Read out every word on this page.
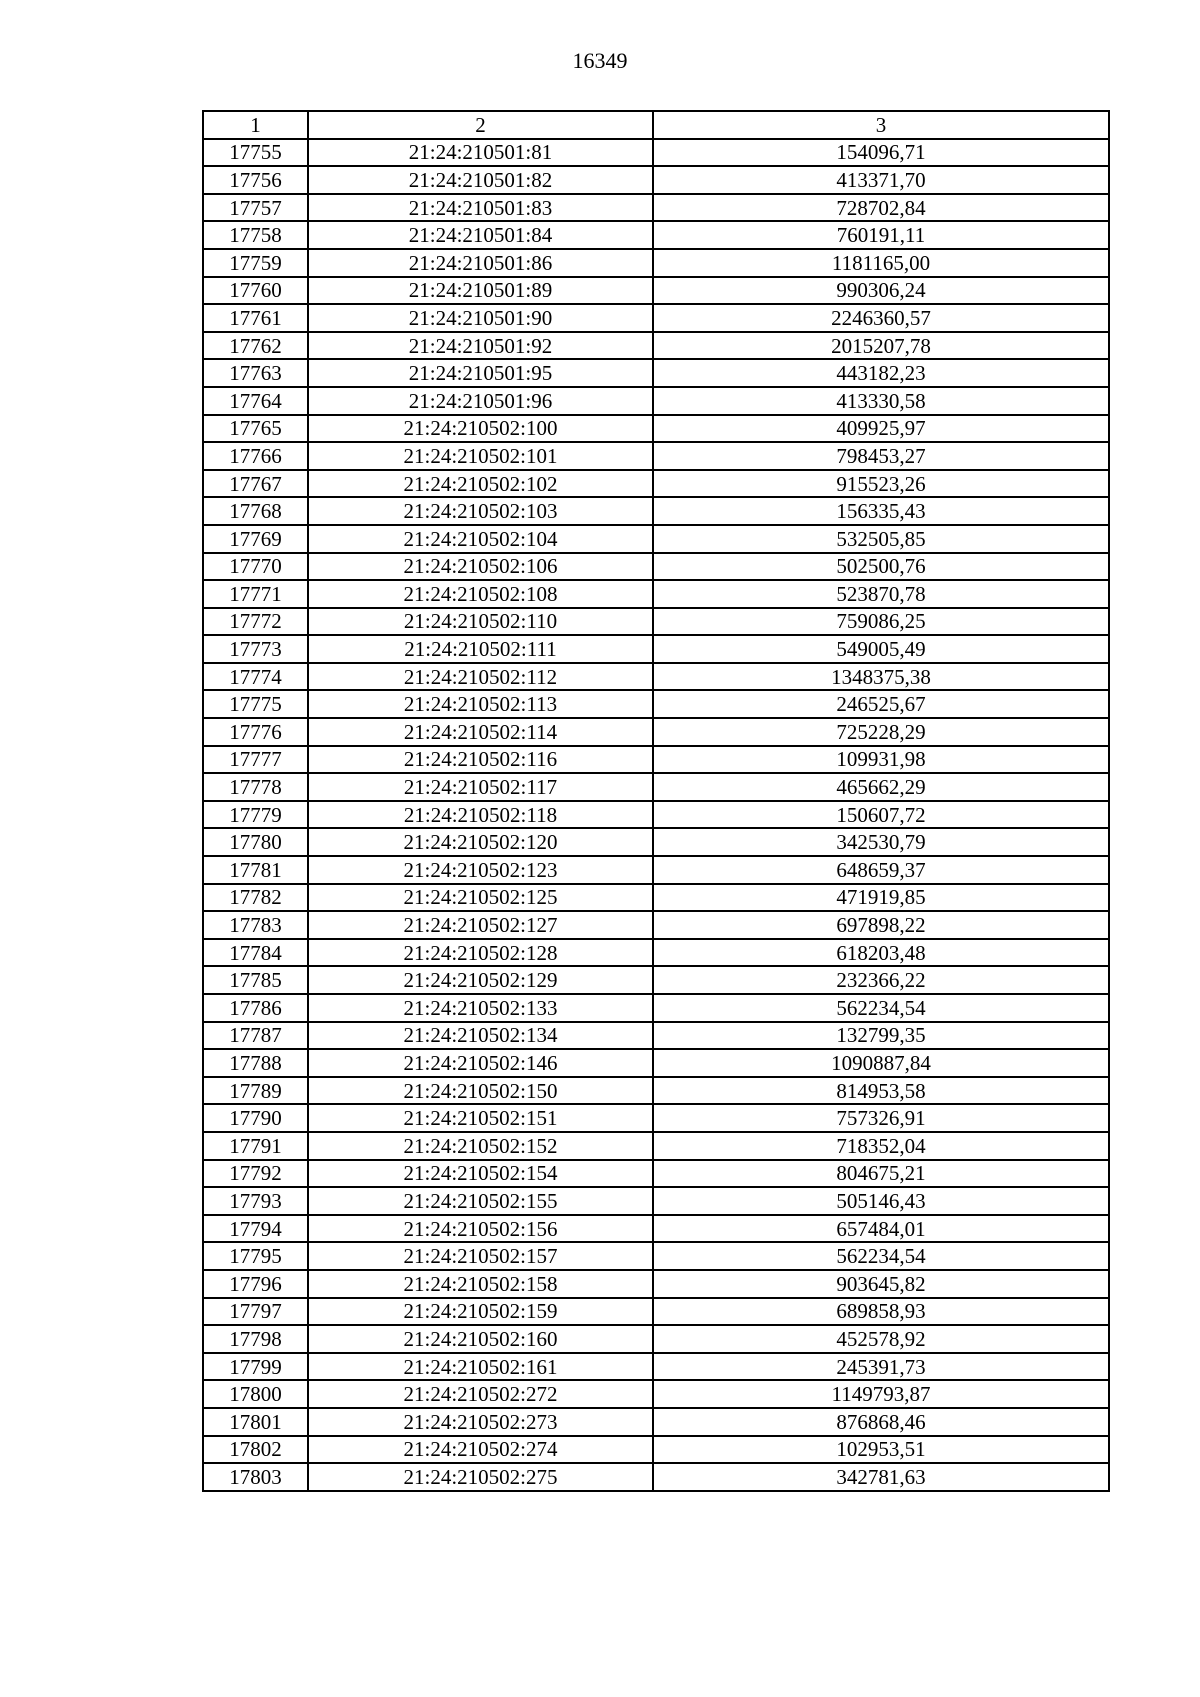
16349
1	2	3
17755	21:24:210501:81	154096,71
17756	21:24:210501:82	413371,70
17757	21:24:210501:83	728702,84
17758	21:24:210501:84	760191,11
17759	21:24:210501:86	1181165,00
17760	21:24:210501:89	990306,24
17761	21:24:210501:90	2246360,57
17762	21:24:210501:92	2015207,78
17763	21:24:210501:95	443182,23
17764	21:24:210501:96	413330,58
17765	21:24:210502:100	409925,97
17766	21:24:210502:101	798453,27
17767	21:24:210502:102	915523,26
17768	21:24:210502:103	156335,43
17769	21:24:210502:104	532505,85
17770	21:24:210502:106	502500,76
17771	21:24:210502:108	523870,78
17772	21:24:210502:110	759086,25
17773	21:24:210502:111	549005,49
17774	21:24:210502:112	1348375,38
17775	21:24:210502:113	246525,67
17776	21:24:210502:114	725228,29
17777	21:24:210502:116	109931,98
17778	21:24:210502:117	465662,29
17779	21:24:210502:118	150607,72
17780	21:24:210502:120	342530,79
17781	21:24:210502:123	648659,37
17782	21:24:210502:125	471919,85
17783	21:24:210502:127	697898,22
17784	21:24:210502:128	618203,48
17785	21:24:210502:129	232366,22
17786	21:24:210502:133	562234,54
17787	21:24:210502:134	132799,35
17788	21:24:210502:146	1090887,84
17789	21:24:210502:150	814953,58
17790	21:24:210502:151	757326,91
17791	21:24:210502:152	718352,04
17792	21:24:210502:154	804675,21
17793	21:24:210502:155	505146,43
17794	21:24:210502:156	657484,01
17795	21:24:210502:157	562234,54
17796	21:24:210502:158	903645,82
17797	21:24:210502:159	689858,93
17798	21:24:210502:160	452578,92
17799	21:24:210502:161	245391,73
17800	21:24:210502:272	1149793,87
17801	21:24:210502:273	876868,46
17802	21:24:210502:274	102953,51
17803	21:24:210502:275	342781,63
